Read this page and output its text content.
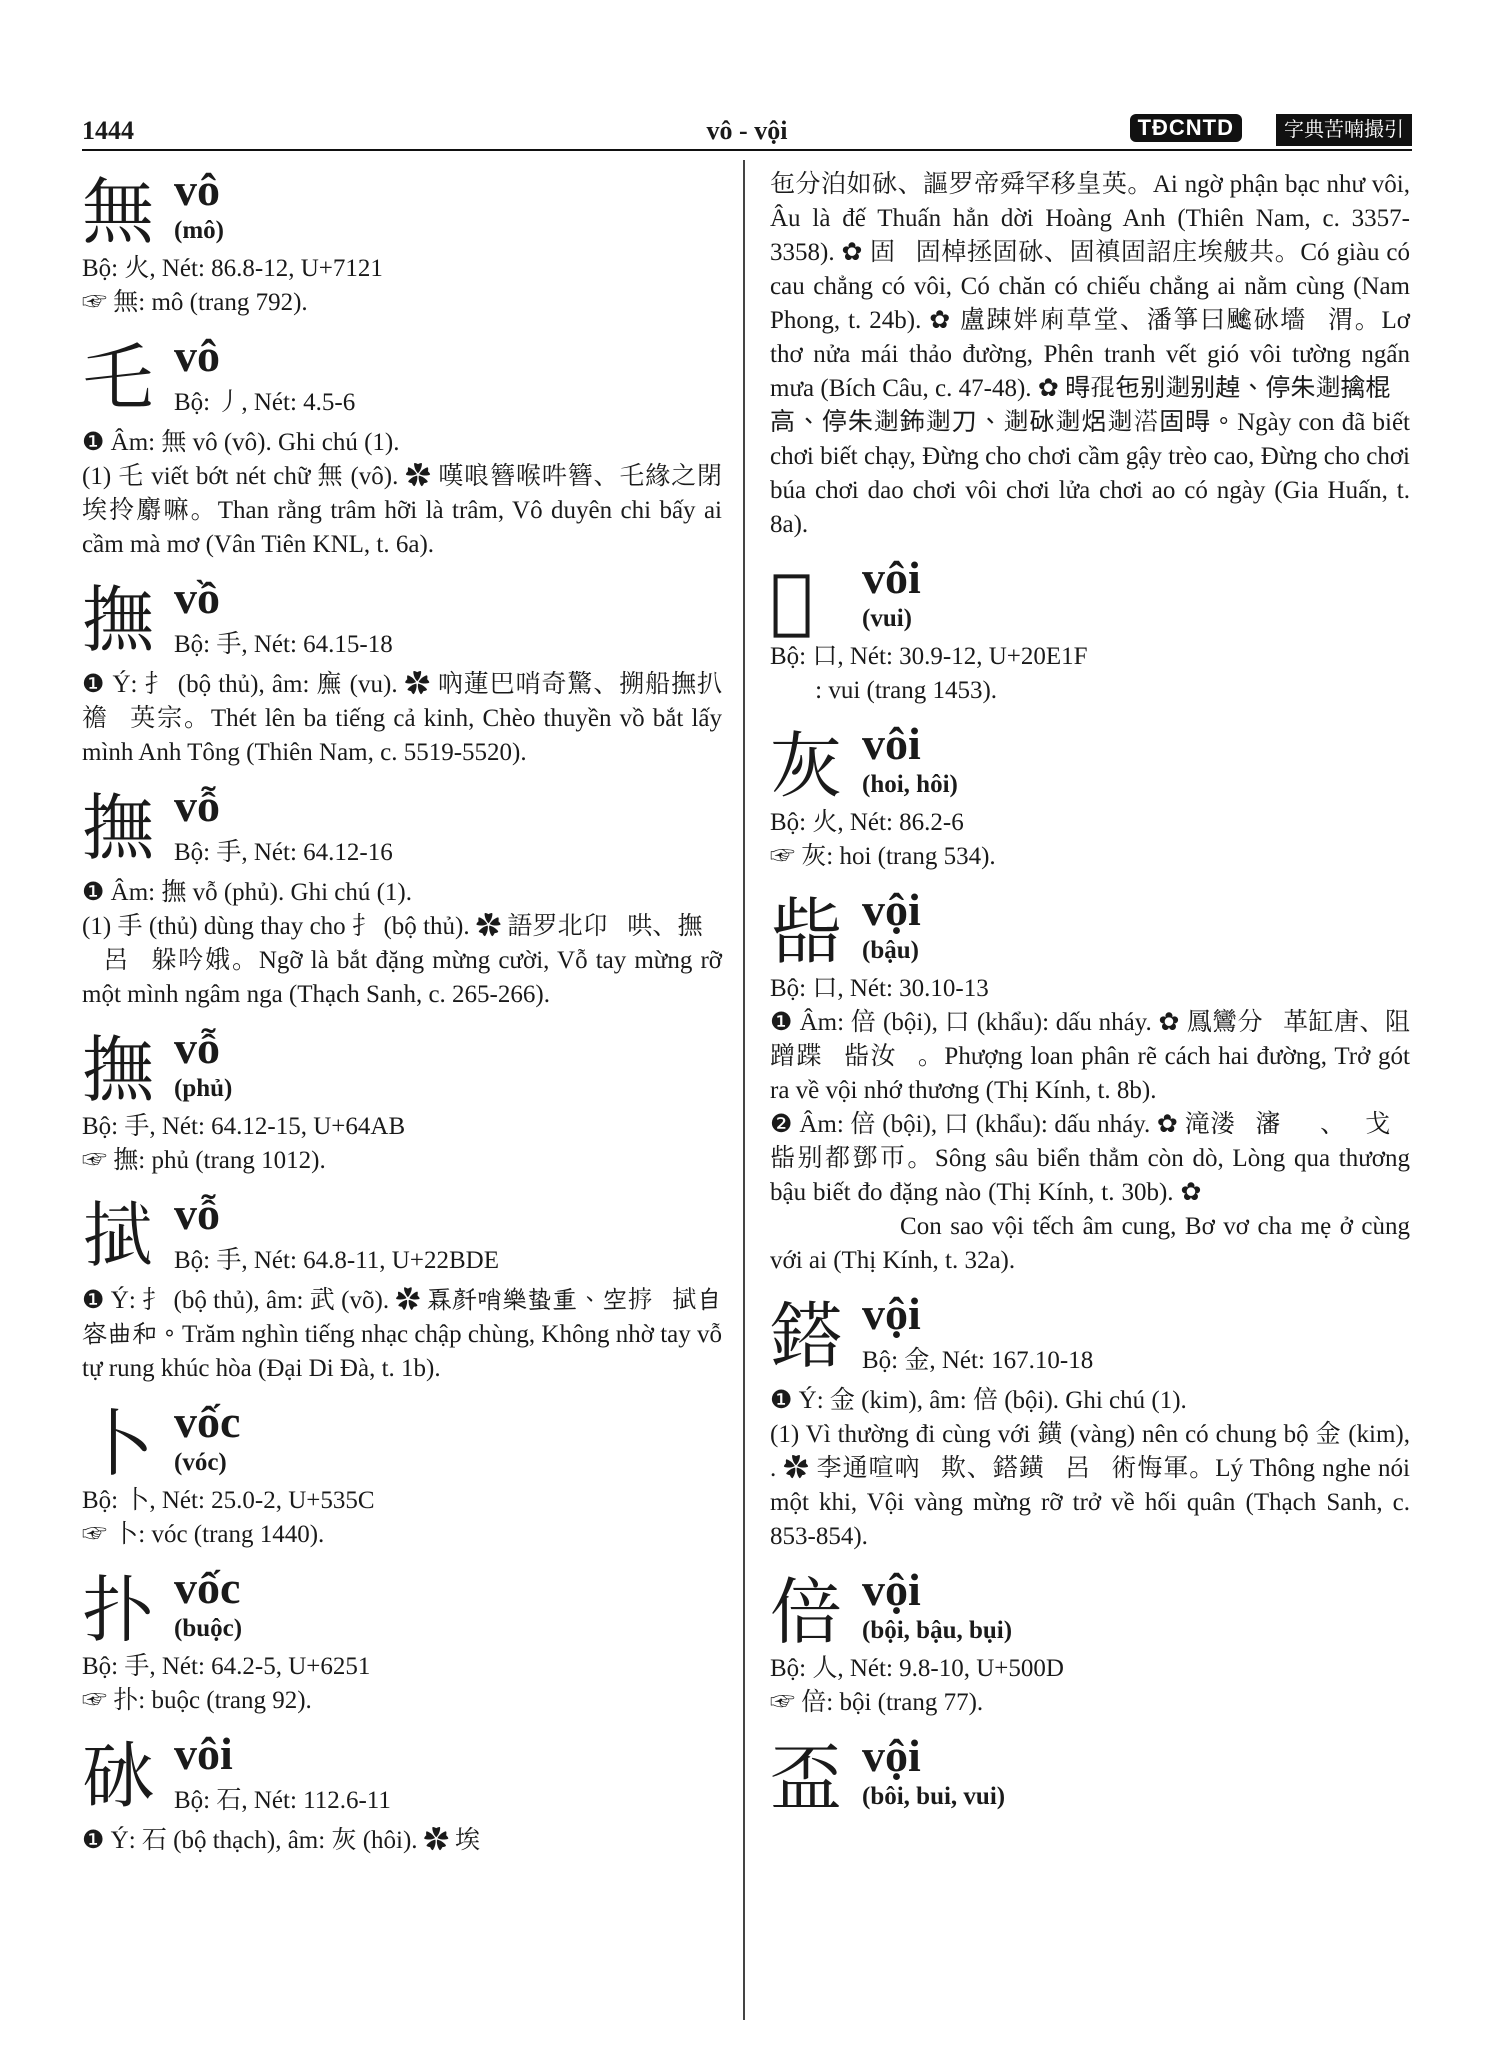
1444	vô - vội	TĐCNTD	字典苦喃撮引
無 vô
(mô)

Bộ: 火, Nét: 86.8-12, U+7121

☞ 無: mô (trang 792).

乇 vô
Bộ: 丿, Nét: 4.5-6

❶ Âm: 無 vô (vô). Ghi chú (1).

(1) 乇 viết bớt nét chữ 無 (vô). ✿ 嘆哴簪喉吽簪、乇緣之閉埃拎麝嘛。Than rằng trâm hỡi là trâm, Vô duyên chi bấy ai cầm mà mơ (Vân Tiên KNL, t. 6a).

撫 vồ
Bộ: 手, Nét: 64.15-18

❶ Ý: 扌 (bộ thủ), âm: 廡 (vu). ✿ 吶蓮巴哨奇驚、搠船撫扒䄡𡚢英宗。Thét lên ba tiếng cả kinh, Chèo thuyền vồ bắt lấy mình Anh Tông (Thiên Nam, c. 5519-5520).

撫 vỗ
Bộ: 手, Nét: 64.12-16

❶ Âm: 撫 vỗ (phủ). Ghi chú (1).

(1) 手 (thủ) dùng thay cho 扌 (bộ thủ). ✿ 語罗北卬𢜠哄、撫𢬣𢜠呂𠬠躲吟娥。Ngỡ là bắt đặng mừng cười, Vỗ tay mừng rỡ một mình ngâm nga (Thạch Sanh, c. 265-266).

撫 vỗ
(phủ)

Bộ: 手, Nét: 64.12-15, U+64AB

☞ 撫: phủ (trang 1012).

𢯞 vỗ
Bộ: 手, Nét: 64.8-11, U+22BDE

❶ Ý: 扌 (bộ thủ), âm: 武 (võ). ✿ 𤾓𠦳哨樂蛰重、空𢭸𢬣𢯞自容曲和。Trăm nghìn tiếng nhạc chập chùng, Không nhờ tay vỗ tự rung khúc hòa (Đại Di Đà, t. 1b).

卜 vốc
(vóc)

Bộ: 卜, Nét: 25.0-2, U+535C

☞ 卜: vóc (trang 1440).

扑 vốc
(buộc)

Bộ: 手, Nét: 64.2-5, U+6251

☞ 扑: buộc (trang 92).

砅 vôi
Bộ: 石, Nét: 112.6-11

❶ Ý: 石 (bộ thạch), âm: 灰 (hôi). ✿ 埃

㐌分泊如砅、謳罗帝舜罕移皇英。Ai ngờ phận bạc như vôi, Âu là đế Thuấn hẳn dời Hoàng Anh (Thiên Nam, c. 3357-3358). ✿ 固𢀭固棹拯固砅、固禛固詔庄埃𦨭共。Có giàu có cau chẳng có vôi, Có chăn có chiếu chẳng ai nằm cùng (Nam Phong, t. 24b). ✿ 盧踈姅𢈱草堂、潘箏曰𩙍砅墻𦋦渭。Lơ thơ nửa mái thảo đường, Phên tranh vết gió vôi tường ngấn mưa (Bích Câu, c. 47-48). ✿ 𣈜𡥵㐌别𨔈别趠、停朱𨔈擒棍𨅹高、停朱𨔈鈽𨔈刀、𨔈砅𨔈焒𨔈𣹓固𣈜。Ngày con đã biết chơi biết chạy, Đừng cho chơi cầm gậy trèo cao, Đừng cho chơi búa chơi dao chơi vôi chơi lửa chơi ao có ngày (Gia Huấn, t. 8a).

𠸟 vôi
(vui)

Bộ: 口, Nét: 30.9-12, U+20E1F

☞ 𠸟: vui (trang 1453).

灰 vôi
(hoi, hôi)

Bộ: 火, Nét: 86.2-6

☞ 灰: hoi (trang 534).

啙 vội
(bậu)

Bộ: 口, Nét: 30.10-13

❶ Âm: 倍 (bội), 口 (khẩu): dấu nháy. ✿ 鳳鸞分𧺀革缸唐、阻蹭蹀𠫾啙汝𢖵。Phượng loan phân rẽ cách hai đường, Trở gót ra về vội nhớ thương (Thị Kính, t. 8b).

❷ Âm: 倍 (bội), 口 (khẩu): dấu nháy. ✿ 滝溇𣷷瀋𤴬𨁪、𢚸戈𢖵啙别都鄧帀。Sông sâu biển thẳm còn dò, Lòng qua thương bậu biết đo đặng nào (Thị Kính, t. 30b). ✿ 𦓡牢啙𢭂陰宮、𠏳𣻆吒媄𡶀共貝埃。Con sao vội tếch âm cung, Bơ vơ cha mẹ ở cùng với ai (Thị Kính, t. 32a).

鎝 vội
Bộ: 金, Nét: 167.10-18

❶ Ý: 金 (kim), âm: 倍 (bội). Ghi chú (1).

(1) Vì thường đi cùng với 鐄 (vàng) nên có chung bộ 金 (kim), . ✿ 李通喧吶𠅍欺、鎝鐄𢜠呂𧼌術悔軍。Lý Thông nghe nói một khi, Vội vàng mừng rỡ trở về hối quân (Thạch Sanh, c. 853-854).

倍 vội
(bội, bậu, bụi)

Bộ: 人, Nét: 9.8-10, U+500D

☞ 倍: bội (trang 77).

盃 vội
(bôi, bui, vui)
